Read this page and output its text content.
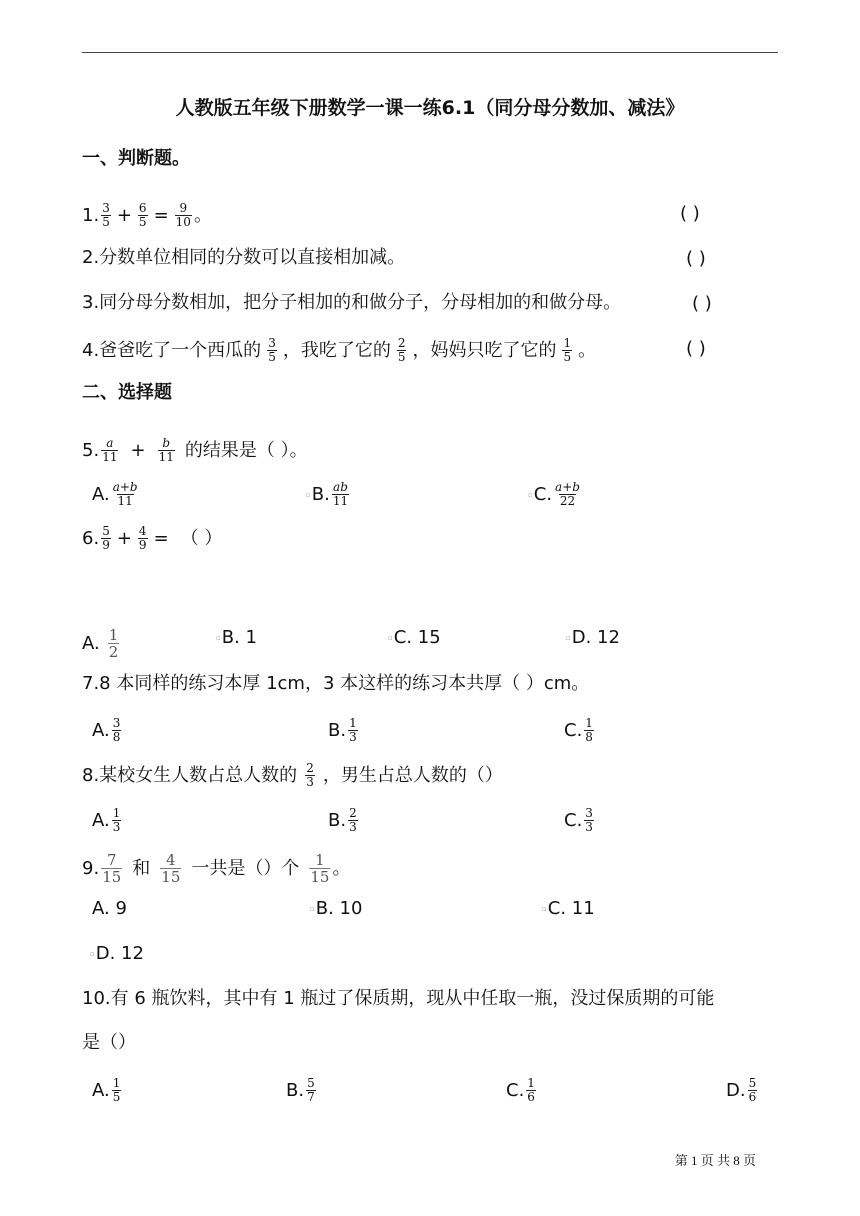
人教版五年级下册数学一课一练6.1（同分母分数加、减法》
一、判断题。
1. $\frac{3}{5} + \frac{6}{5} = \frac{9}{10}$ 。	( )
2.分数单位相同的分数可以直接相加减。	( )
3.同分母分数相加，把分子相加的和做分子，分母相加的和做分母。	( )
4.爸爸吃了一个西瓜的 $\frac{3}{5}$ ，我吃了它的 $\frac{2}{5}$ ，妈妈只吃了它的 $\frac{1}{5}$ 。	( )
二、选择题
5. $\frac{a}{11} + \frac{b}{11}$ 的结果是（ ）。
A. $\frac{a+b}{11}$	▫ B. $\frac{ab}{11}$	▫ C. $\frac{a+b}{22}$
6. $\frac{5}{9} + \frac{4}{9}$ = （ ）
A. $\frac{1}{2}$	▫ B. 1	▫ C. 15	▫ D. 12
7.8 本同样的练习本厚 1cm，3 本这样的练习本共厚（ ）cm。
A. $\frac{3}{8}$	B. $\frac{1}{3}$	C. $\frac{1}{8}$
8.某校女生人数占总人数的 $\frac{2}{3}$ ，男生占总人数的（）
A. $\frac{1}{3}$	B. $\frac{2}{3}$	C. $\frac{3}{3}$
9. $\frac{7}{15}$ 和 $\frac{4}{15}$ 一共是（）个 $\frac{1}{15}$ 。
A. 9	▫ B. 10	▫ C. 11
▫ D. 12
10.有 6 瓶饮料，其中有 1 瓶过了保质期，现从中任取一瓶，没过保质期的可能
是（）
A. $\frac{1}{5}$	B. $\frac{5}{7}$	C. $\frac{1}{6}$	D. $\frac{5}{6}$
第 1 页 共 8 页
